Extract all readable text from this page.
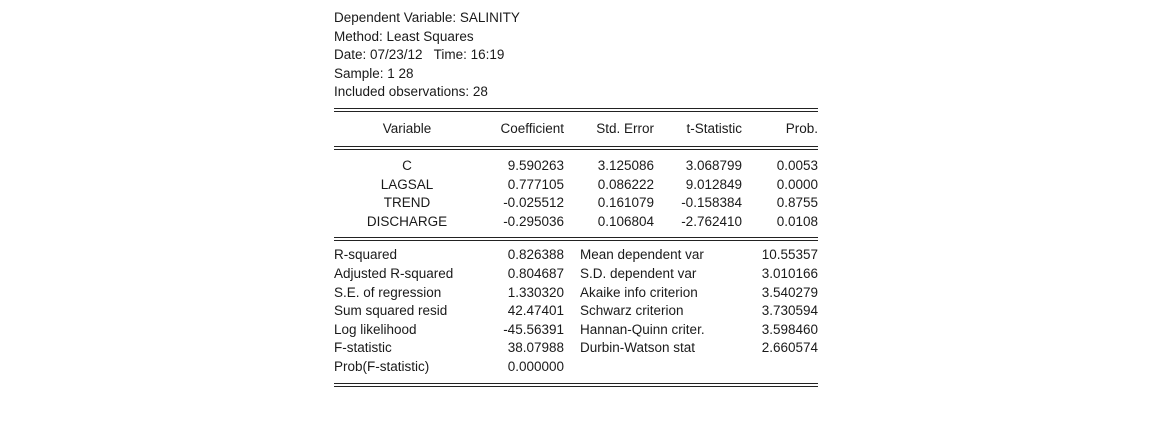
Dependent Variable: SALINITY
Method: Least Squares
Date: 07/23/12   Time: 16:19
Sample: 1 28
Included observations: 28
Variable	Coefficient	Std. Error	t-Statistic	Prob.
C	9.590263	3.125086	3.068799	0.0053
LAGSAL	0.777105	0.086222	9.012849	0.0000
TREND	-0.025512	0.161079	-0.158384	0.8755
DISCHARGE	-0.295036	0.106804	-2.762410	0.0108
R-squared	0.826388	Mean dependent var	10.55357
Adjusted R-squared	0.804687	S.D. dependent var	3.010166
S.E. of regression	1.330320	Akaike info criterion	3.540279
Sum squared resid	42.47401	Schwarz criterion	3.730594
Log likelihood	-45.56391	Hannan-Quinn criter.	3.598460
F-statistic	38.07988	Durbin-Watson stat	2.660574
Prob(F-statistic)	0.000000		
